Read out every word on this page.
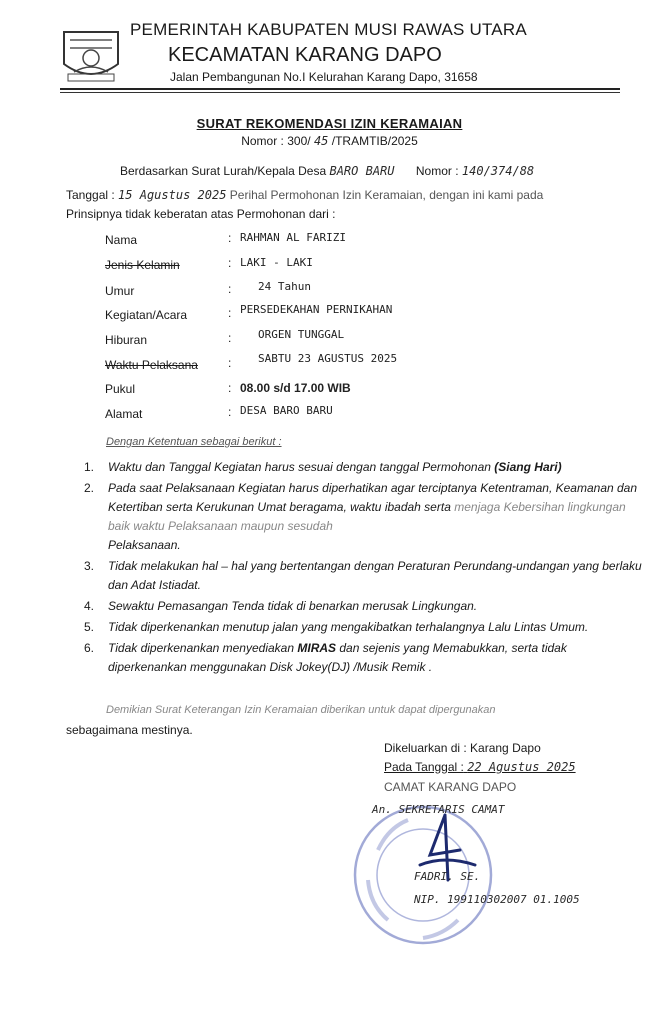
PEMERINTAH KABUPATEN MUSI RAWAS UTARA
KECAMATAN KARANG DAPO
Jalan Pembangunan No.I Kelurahan Karang Dapo, 31658
SURAT REKOMENDASI IZIN KERAMAIAN
Nomor : 300/ 45 /TRAMTIB/2025
Berdasarkan Surat Lurah/Kepala Desa BARO BARU Nomor : 140/374/88
Tanggal : 15 Agustus 2025 Perihal Permohonan Izin Keramaian, dengan ini kami pada
Prinsipnya tidak keberatan atas Permohonan dari :
Nama	: RAHMAN AL FARIZI
Jenis Kelamin	: LAKI - LAKI
Umur	: 24 Tahun
Kegiatan/Acara	: PERSEDEKAHAN PERNIKAHAN
Hiburan	: ORGEN TUNGGAL
Waktu Pelaksana	: SABTU 23 AGUSTUS 2025
Pukul	: 08.00 s/d 17.00 WIB
Alamat	: DESA BARO BARU
Dengan Ketentuan sebagai berikut :
1. Waktu dan Tanggal Kegiatan harus sesuai dengan tanggal Permohonan (Siang Hari)
2. Pada saat Pelaksanaan Kegiatan harus diperhatikan agar terciptanya Ketentraman, Keamanan dan Ketertiban serta Kerukunan Umat beragama, waktu ibadah serta menjaga Kebersihan lingkungan baik waktu Pelaksanaan maupun sesudah
Pelaksanaan.
3. Tidak melakukan hal – hal yang bertentangan dengan Peraturan Perundang-undangan yang berlaku dan Adat Istiadat.
4. Sewaktu Pemasangan Tenda tidak di benarkan merusak Lingkungan.
5. Tidak diperkenankan menutup jalan yang mengakibatkan terhalangnya Lalu Lintas Umum.
6. Tidak diperkenankan menyediakan MIRAS dan sejenis yang Memabukkan, serta tidak diperkenankan menggunakan Disk Jokey(DJ) /Musik Remik .
Demikian Surat Keterangan Izin Keramaian diberikan untuk dapat dipergunakan
sebagaimana mestinya.
Dikeluarkan di : Karang Dapo
Pada Tanggal : 22 Agustus 2025
CAMAT KARANG DAPO
An. SEKRETARIS CAMAT
FADRI. SE.
NIP. 199110302007 01.1005
